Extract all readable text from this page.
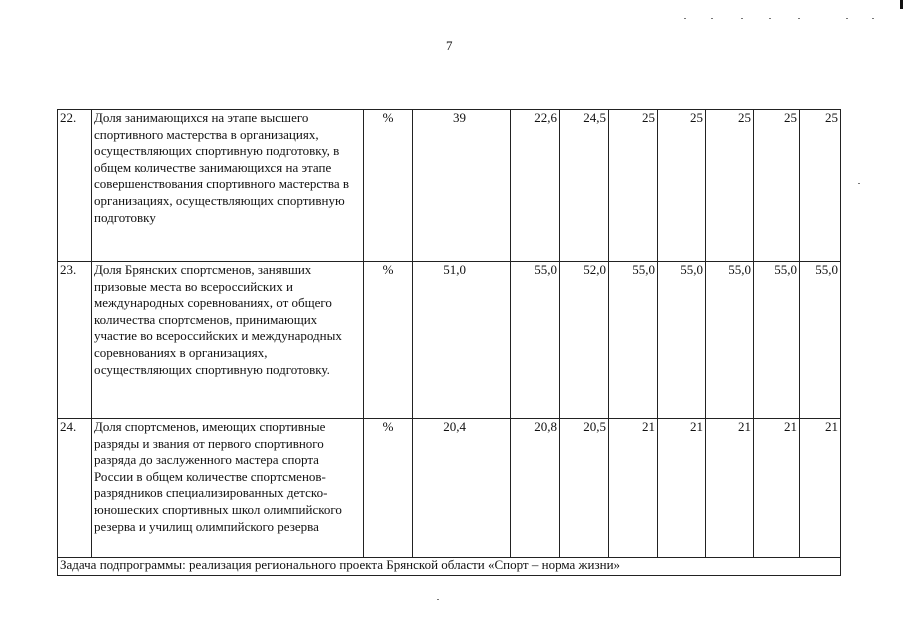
7
22.	Доля занимающихся на этапе высшего спортивного мастерства в организациях, осуществляющих спортивную подготовку, в общем количестве занимающихся на этапе совершенствования спортивного мастерства в организациях, осуществляющих спортивную подготовку	%	39	22,6	24,5	25	25	25	25	25
23.	Доля Брянских спортсменов, занявших призовые места во всероссийских и международных соревнованиях, от общего количества спортсменов, принимающих участие во всероссийских и международных соревнованиях в организациях, осуществляющих спортивную подготовку.	%	51,0	55,0	52,0	55,0	55,0	55,0	55,0	55,0
24.	Доля спортсменов, имеющих спортивные разряды и звания от первого спортивного разряда до заслуженного мастера спорта России в общем количестве спортсменов-разрядников специализированных детско-юношеских спортивных школ олимпийского резерва и училищ олимпийского резерва	%	20,4	20,8	20,5	21	21	21	21	21
Задача подпрограммы: реализация регионального проекта Брянской области «Спорт – норма жизни»										
